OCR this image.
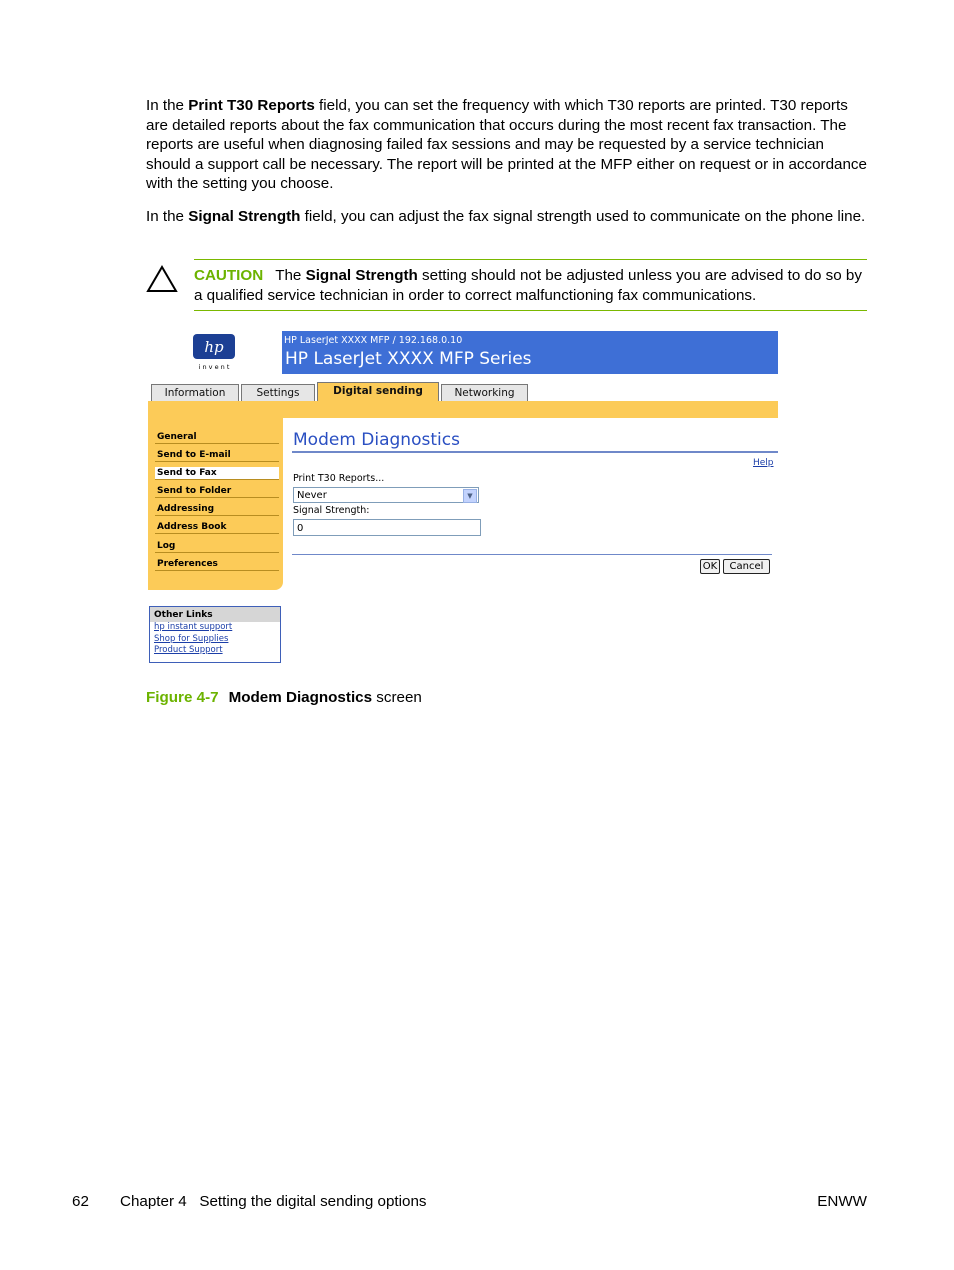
In the Print T30 Reports field, you can set the frequency with which T30 reports are printed. T30 reports are detailed reports about the fax communication that occurs during the most recent fax transaction. The reports are useful when diagnosing failed fax sessions and may be requested by a service technician should a support call be necessary. The report will be printed at the MFP either on request or in accordance with the setting you choose.

In the Signal Strength field, you can adjust the fax signal strength used to communicate on the phone line.

CAUTION The Signal Strength setting should not be adjusted unless you are advised to do so by a qualified service technician in order to correct malfunctioning fax communications.
hp
i n v e n t
HP LaserJet XXXX MFP / 192.168.0.10
HP LaserJet XXXX MFP Series
Information	Settings	Digital sending	Networking
General
Send to E-mail
Send to Fax
Send to Folder
Addressing
Address Book
Log
Preferences
Modem Diagnostics
Help
Print T30 Reports...
Never	▼
Signal Strength:
0
OK	Cancel
Other Links
hp instant support
Shop for Supplies
Product Support
Figure 4-7 Modem Diagnostics screen
62 Chapter 4   Setting the digital sending options	ENWW
